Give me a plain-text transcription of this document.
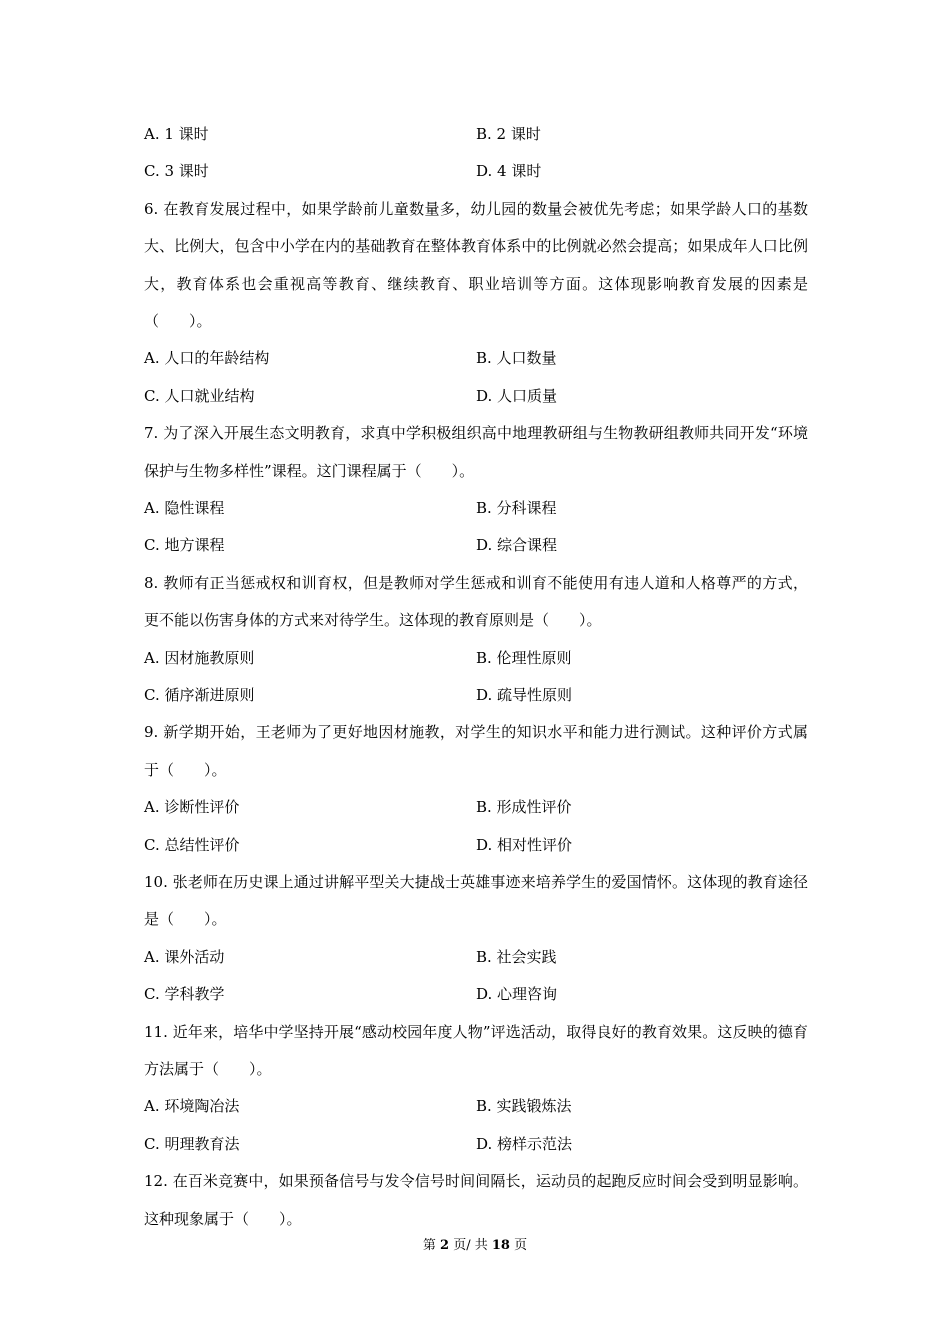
A. 1 课时	B. 2 课时
C. 3 课时	D. 4 课时

6. 在教育发展过程中，如果学龄前儿童数量多，幼儿园的数量会被优先考虑；如果学龄人口的基数大、比例大，包含中小学在内的基础教育在整体教育体系中的比例就必然会提高；如果成年人口比例大，教育体系也会重视高等教育、继续教育、职业培训等方面。这体现影响教育发展的因素是（　　）。

A. 人口的年龄结构	B. 人口数量
C. 人口就业结构	D. 人口质量

7. 为了深入开展生态文明教育，求真中学积极组织高中地理教研组与生物教研组教师共同开发“环境保护与生物多样性”课程。这门课程属于（　　）。

A. 隐性课程	B. 分科课程
C. 地方课程	D. 综合课程

8. 教师有正当惩戒权和训育权，但是教师对学生惩戒和训育不能使用有违人道和人格尊严的方式，更不能以伤害身体的方式来对待学生。这体现的教育原则是（　　）。

A. 因材施教原则	B. 伦理性原则
C. 循序渐进原则	D. 疏导性原则

9. 新学期开始，王老师为了更好地因材施教，对学生的知识水平和能力进行测试。这种评价方式属于（　　）。

A. 诊断性评价	B. 形成性评价
C. 总结性评价	D. 相对性评价

10. 张老师在历史课上通过讲解平型关大捷战士英雄事迹来培养学生的爱国情怀。这体现的教育途径是（　　）。

A. 课外活动	B. 社会实践
C. 学科教学	D. 心理咨询

11. 近年来，培华中学坚持开展“感动校园年度人物”评选活动，取得良好的教育效果。这反映的德育方法属于（　　）。

A. 环境陶冶法	B. 实践锻炼法
C. 明理教育法	D. 榜样示范法

12. 在百米竞赛中，如果预备信号与发令信号时间间隔长，运动员的起跑反应时间会受到明显影响。这种现象属于（　　）。

第 2 页/ 共 18 页
